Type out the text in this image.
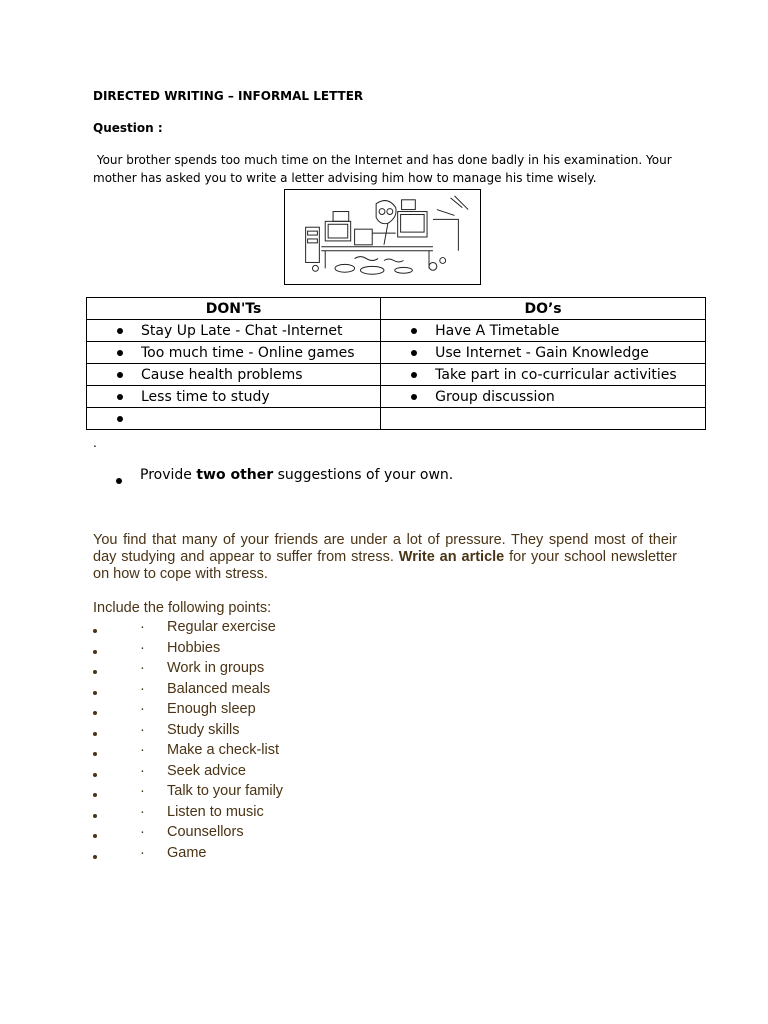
DIRECTED WRITING – INFORMAL LETTER
Question :
Your brother spends too much time on the Internet and has done badly in his examination. Your mother has asked you to write a letter advising him how to manage his time wisely.
DON'Ts	DO’s

Stay Up Late - Chat -Internet	Have A Timetable

Too much time - Online games	Use Internet - Gain Knowledge

Cause health problems	Take part in co-curricular activities

Less time to study	Group discussion

.
Provide two other suggestions of your own.
You find that many of your friends are under a lot of pressure. They spend most of their day studying and appear to suffer from stress. Write an article for your school newsletter on how to cope with stress.
Include the following points:
· Regular exercise
· Hobbies
· Work in groups
· Balanced meals
· Enough sleep
· Study skills
· Make a check-list
· Seek advice
· Talk to your family
· Listen to music
· Counsellors
· Game
